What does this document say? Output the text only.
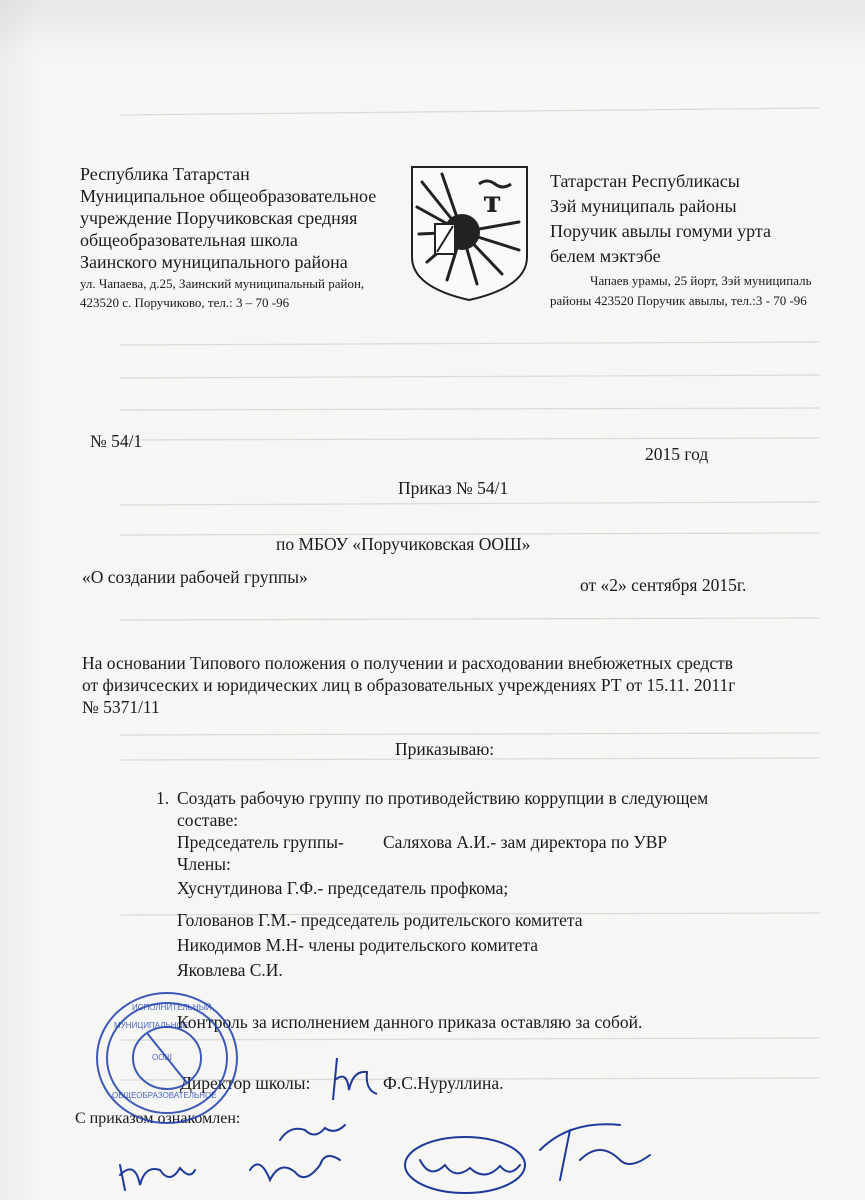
Республика Татарстан
Муниципальное общеобразовательное
учреждение Поручиковская средняя
общеобразовательная школа
Заинского муниципального района
ул. Чапаева, д.25, Заинский муниципальный район,
423520 с. Поручиково, тел.: 3 – 70 -96
т
Татарстан Республикасы
Зэй муниципаль районы
Поручик авылы гомуми урта
белем мэктэбе
Чапаев урамы, 25 йорт, Зэй муниципаль
районы 423520 Поручик авылы, тел.:3 - 70 -96
№ 54/1
2015 год
Приказ № 54/1
по МБОУ «Поручиковская ООШ»
«О создании рабочей группы»	от «2» сентября 2015г.
На основании Типового положения о получении и расходовании внебюжетных средств
от физичсеских и юридических лиц в образовательных учреждениях РТ от 15.11. 2011г
№ 5371/11
Приказываю:
1. Создать рабочую группу по противодействию коррупции в следующем
составе:
Председатель группы- Саляхова А.И.- зам директора по УВР
Члены:
Хуснутдинова Г.Ф.- председатель профкома;
Голованов Г.М.- председатель родительского комитета
Никодимов М.Н- члены родительского комитета
Яковлева С.И.
Контроль за исполнением данного приказа оставляю за собой.
Директор школы:	Ф.С.Нуруллина.
С приказом ознакомлен:
ИСПОЛНИТЕЛЬНЫЙ
МУНИЦИПАЛЬНОЕ
ООШ
ОБЩЕОБРАЗОВАТЕЛЬНОЕ
